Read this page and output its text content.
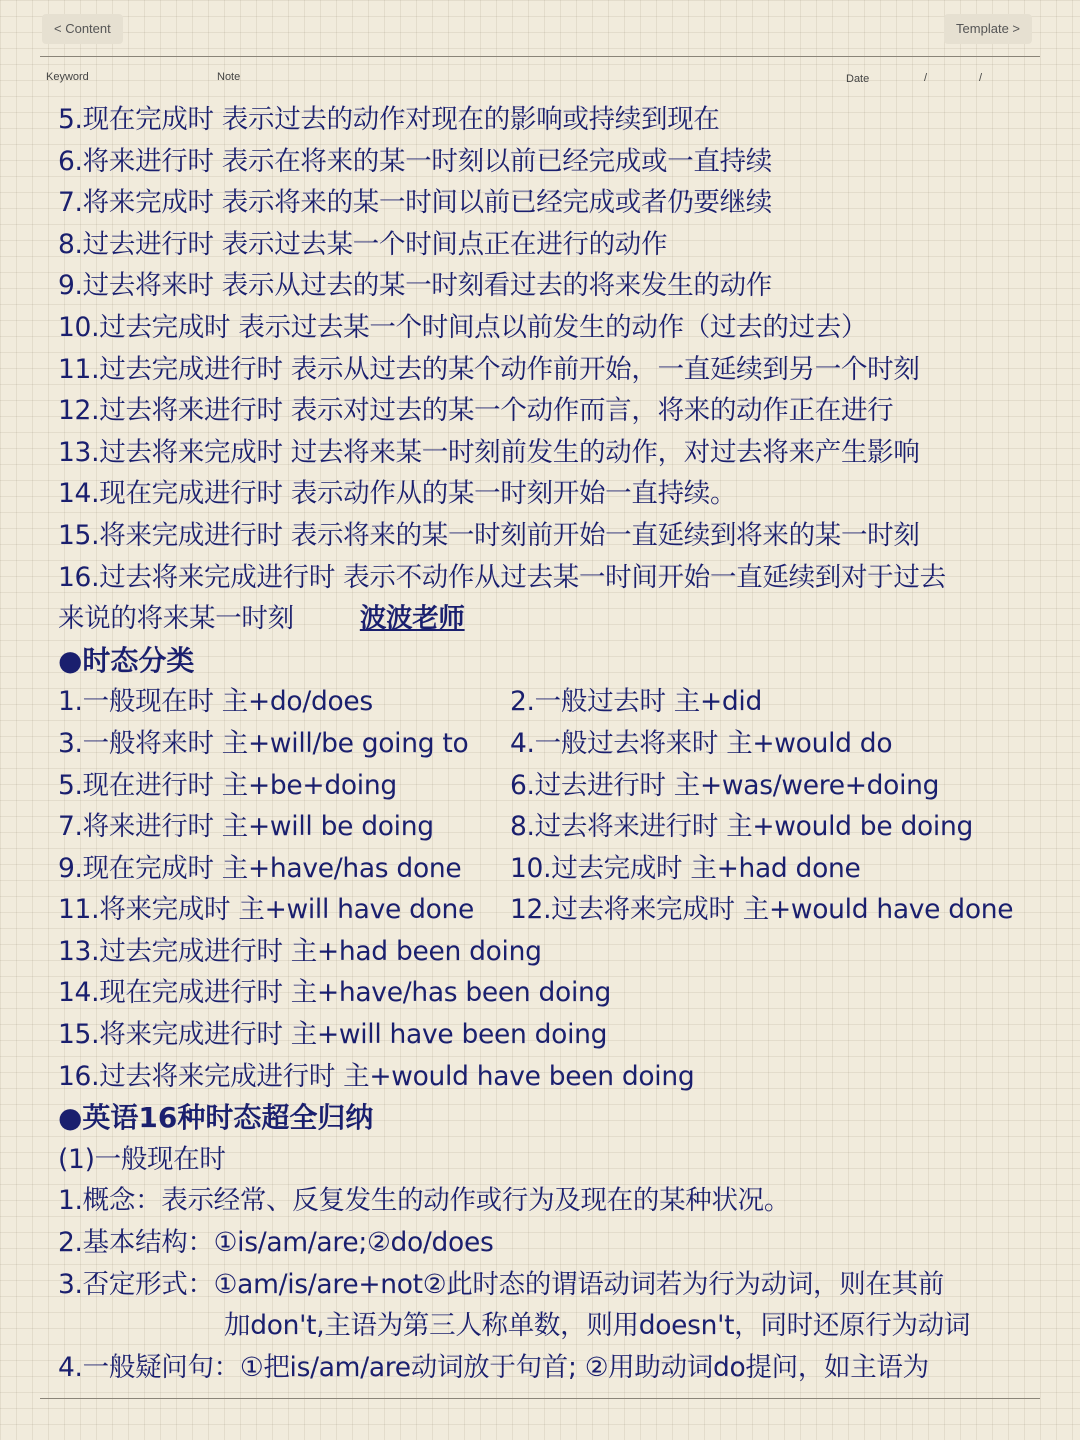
< Content	Template >
Keyword	Note	Date	/	/
5.现在完成时 表示过去的动作对现在的影响或持续到现在
6.将来进行时 表示在将来的某一时刻以前已经完成或一直持续
7.将来完成时 表示将来的某一时间以前已经完成或者仍要继续
8.过去进行时 表示过去某一个时间点正在进行的动作
9.过去将来时 表示从过去的某一时刻看过去的将来发生的动作
10.过去完成时 表示过去某一个时间点以前发生的动作（过去的过去）
11.过去完成进行时 表示从过去的某个动作前开始，一直延续到另一个时刻
12.过去将来进行时 表示对过去的某一个动作而言，将来的动作正在进行
13.过去将来完成时 过去将来某一时刻前发生的动作，对过去将来产生影响
14.现在完成进行时 表示动作从的某一时刻开始一直持续。
15.将来完成进行时 表示将来的某一时刻前开始一直延续到将来的某一时刻
16.过去将来完成进行时 表示不动作从过去某一时间开始一直延续到对于过去
来说的将来某一时刻 波波老师
●时态分类
1.一般现在时 主+do/does	2.一般过去时 主+did
3.一般将来时 主+will/be going to	4.一般过去将来时 主+would do
5.现在进行时 主+be+doing	6.过去进行时 主+was/were+doing
7.将来进行时 主+will be doing	8.过去将来进行时 主+would be doing
9.现在完成时 主+have/has done	10.过去完成时 主+had done
11.将来完成时 主+will have done	12.过去将来完成时 主+would have done
13.过去完成进行时 主+had been doing
14.现在完成进行时 主+have/has been doing
15.将来完成进行时 主+will have been doing
16.过去将来完成进行时 主+would have been doing
●英语16种时态超全归纳
(1)一般现在时
1.概念：表示经常、反复发生的动作或行为及现在的某种状况。
2.基本结构：①is/am/are;②do/does
3.否定形式：①am/is/are+not②此时态的谓语动词若为行为动词，则在其前
加don't,主语为第三人称单数，则用doesn't，同时还原行为动词
4.一般疑问句：①把is/am/are动词放于句首; ②用助动词do提问，如主语为
